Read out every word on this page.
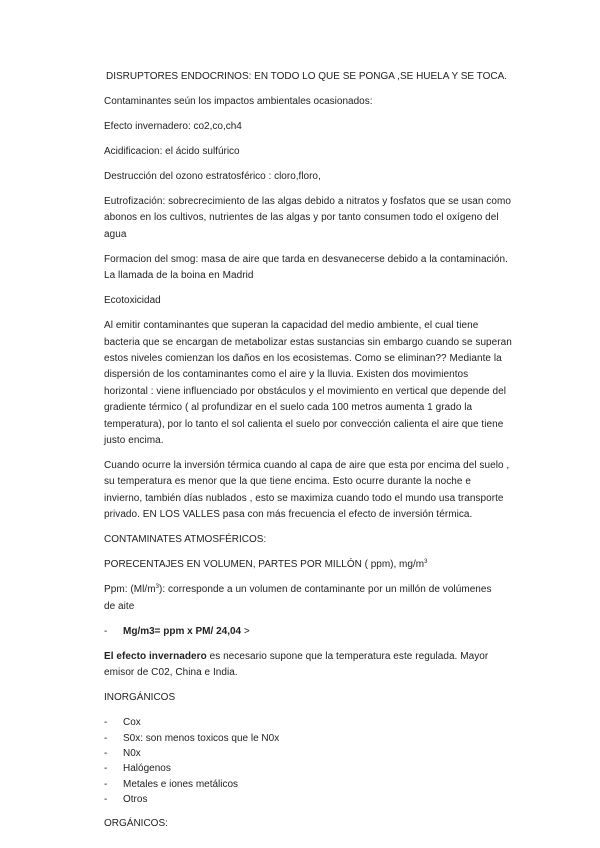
DISRUPTORES ENDOCRINOS: EN TODO LO QUE SE PONGA ,SE HUELA Y SE TOCA.

Contaminantes seún los impactos ambientales ocasionados:

Efecto invernadero: co2,co,ch4

Acidificacion: el ácido sulfúrico

Destrucción del ozono estratosférico : cloro,floro,

Eutrofización: sobrecrecimiento de las algas debido a nitratos y fosfatos que se usan como
abonos en los cultivos, nutrientes de las algas y por tanto consumen todo el oxígeno del
agua
Formacion del smog: masa de aire que tarda en desvanecerse debido a la contaminación.
La llamada de la boina en Madrid

Ecotoxicidad

Al emitir contaminantes que superan la capacidad del medio ambiente, el cual tiene
bacteria que se encargan de metabolizar estas sustancias sin embargo cuando se superan
estos niveles comienzan los daños en los ecosistemas. Como se eliminan?? Mediante la
dispersión de los contaminantes como el aire y la lluvia. Existen dos movimientos
horizontal : viene influenciado por obstáculos y el movimiento en vertical que depende del
gradiente térmico ( al profundizar en el suelo cada 100 metros aumenta 1 grado la
temperatura), por lo tanto el sol calienta el suelo por convección calienta el aire que tiene
justo encima.
Cuando ocurre la inversión térmica cuando al capa de aire que esta por encima del suelo ,
su temperatura es menor que la que tiene encima. Esto ocurre durante la noche e
invierno, también días nublados , esto se maximiza cuando todo el mundo usa transporte
privado. EN LOS VALLES pasa con más frecuencia el efecto de inversión térmica.

CONTAMINATES ATMOSFÉRICOS:

PORECENTAJES EN VOLUMEN, PARTES POR MILLÓN ( ppm), $mg/m^3$

Ppm: $(Ml/m^3)$: corresponde a un volumen de contaminante por un millón de volúmenes
de aite

- Mg/m3= ppm x PM/ 24,04 >

El efecto invernadero es necesario supone que la temperatura este regulada. Mayor
emisor de C02, China e India.

INORGÁNICOS

- Cox
- S0x: son menos toxicos que le N0x
- N0x
- Halógenos
- Metales e iones metálicos
- Otros

ORGÁNICOS:
